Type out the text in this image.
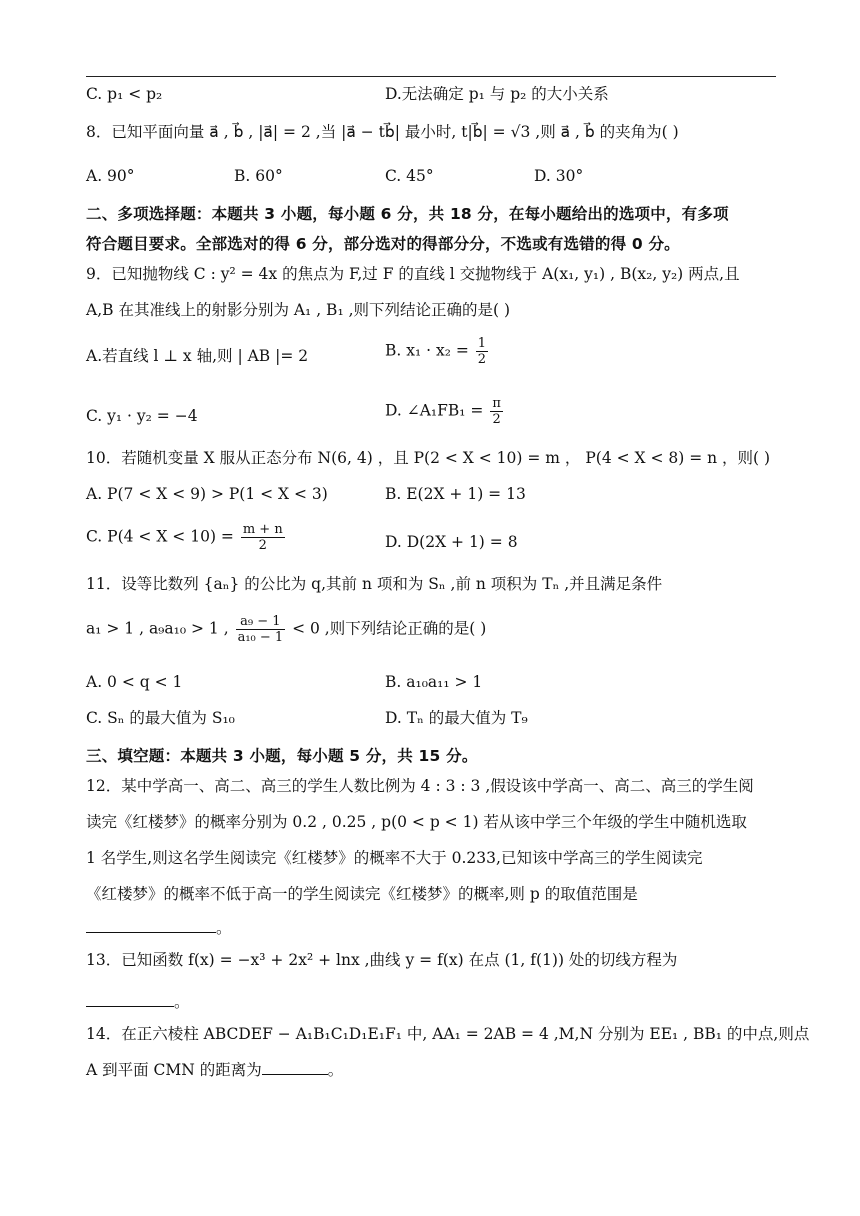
C. p₁ < p₂	D.无法确定 p₁ 与 p₂ 的大小关系
8．已知平面向量 a⃗ , b⃗ , |a⃗| = 2 ,当 |a⃗ − tb⃗| 最小时, t|b⃗| = √3 ,则 a⃗ , b⃗ 的夹角为( )
A. 90°	B. 60°	C. 45°	D. 30°
二、多项选择题：本题共 3 小题，每小题 6 分，共 18 分，在每小题给出的选项中，有多项
符合题目要求。全部选对的得 6 分，部分选对的得部分分，不选或有选错的得 0 分。
9．已知抛物线 C : y² = 4x 的焦点为 F,过 F 的直线 l 交抛物线于 A(x₁, y₁) , B(x₂, y₂) 两点,且
A,B 在其准线上的射影分别为 A₁ , B₁ ,则下列结论正确的是( )
A.若直线 l ⊥ x 轴,则 | AB |= 2	B. $x_1 \cdot x_2 = \frac{1}{2}$
C. y₁ · y₂ = −4	D. ∠A₁FB₁ = $\frac{\pi}{2}$
10．若随机变量 X 服从正态分布 N(6, 4) ，且 P(2 < X < 10) = m ， P(4 < X < 8) = n ，则( )
A. P(7 < X < 9) > P(1 < X < 3)	B. E(2X + 1) = 13
C. $P(4 < X < 10) = \frac{m + n}{2}$	D. D(2X + 1) = 8
11．设等比数列 {aₙ} 的公比为 q,其前 n 项和为 Sₙ ,前 n 项积为 Tₙ ,并且满足条件
a₁ > 1 , a₉a₁₀ > 1 , $\frac{\text{a₉ − 1}}{\text{a₁₀ − 1}} < 0$ ,则下列结论正确的是( )
A. 0 < q < 1	B. a₁₀a₁₁ > 1
C. Sₙ 的最大值为 S₁₀	D. Tₙ 的最大值为 T₉
三、填空题：本题共 3 小题，每小题 5 分，共 15 分。
12．某中学高一、高二、高三的学生人数比例为 4 : 3 : 3 ,假设该中学高一、高二、高三的学生阅
读完《红楼梦》的概率分别为 0.2 , 0.25 , p(0 < p < 1) 若从该中学三个年级的学生中随机选取
1 名学生,则这名学生阅读完《红楼梦》的概率不大于 0.233,已知该中学高三的学生阅读完
《红楼梦》的概率不低于高一的学生阅读完《红楼梦》的概率,则 p 的取值范围是
。
13．已知函数 f(x) = −x³ + 2x² + lnx ,曲线 y = f(x) 在点 (1, f(1)) 处的切线方程为
。
14．在正六棱柱 ABCDEF − A₁B₁C₁D₁E₁F₁ 中, AA₁ = 2AB = 4 ,M,N 分别为 EE₁ , BB₁ 的中点,则点
A 到平面 CMN 的距离为	。
